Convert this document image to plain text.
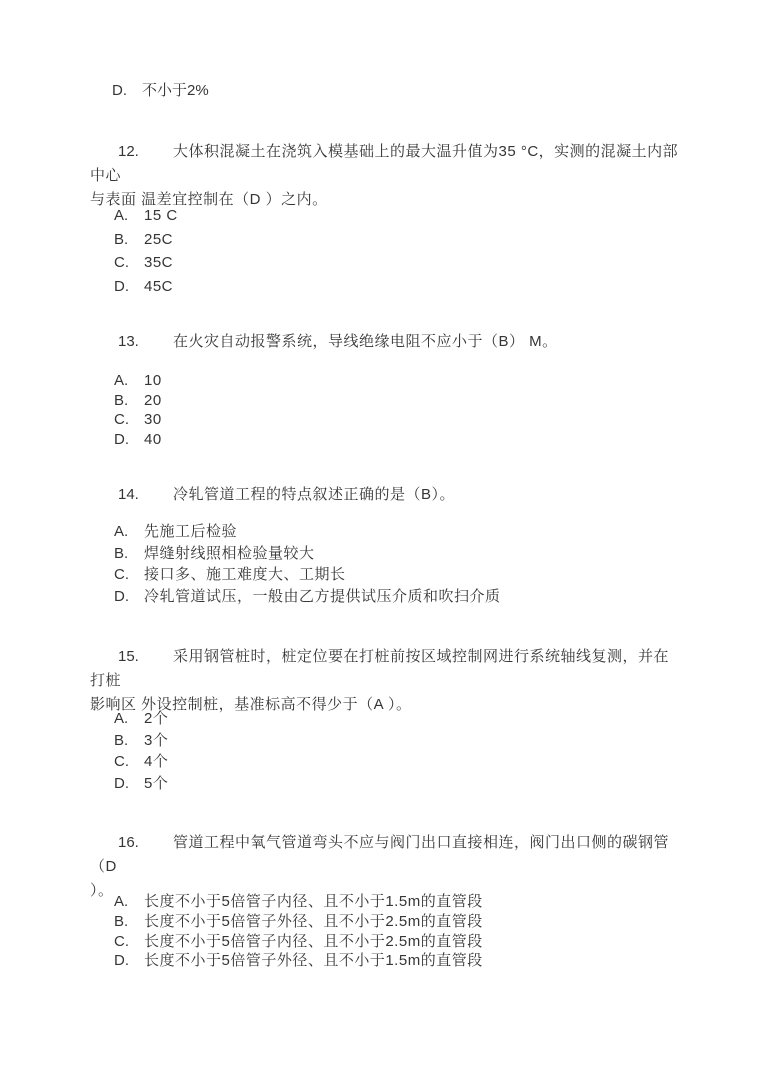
D. 不小于2%
12. 大体积混凝土在浇筑入模基础上的最大温升值为35 °C，实测的混凝土内部中心
与表面 温差宜控制在（D ）之内。
A. 15 C
B. 25C
C. 35C
D. 45C
13. 在火灾自动报警系统，导线绝缘电阻不应小于（B） M。
A. 10
B. 20
C. 30
D. 40
14. 冷轧管道工程的特点叙述正确的是（B）。
A. 先施工后检验
B. 焊缝射线照相检验量较大
C. 接口多、施工难度大、工期长
D. 冷轧管道试压，一般由乙方提供试压介质和吹扫介质
15. 采用钢管桩时，桩定位要在打桩前按区域控制网进行系统轴线复测，并在打桩
影响区 外设控制桩，基准标高不得少于（A ）。
A. 2个
B. 3个
C. 4个
D. 5个
16. 管道工程中氧气管道弯头不应与阀门出口直接相连，阀门出口侧的碳钢管（D
）。
A. 长度不小于5倍管子内径、且不小于1.5m的直管段
B. 长度不小于5倍管子外径、且不小于2.5m的直管段
C. 长度不小于5倍管子内径、且不小于2.5m的直管段
D. 长度不小于5倍管子外径、且不小于1.5m的直管段
